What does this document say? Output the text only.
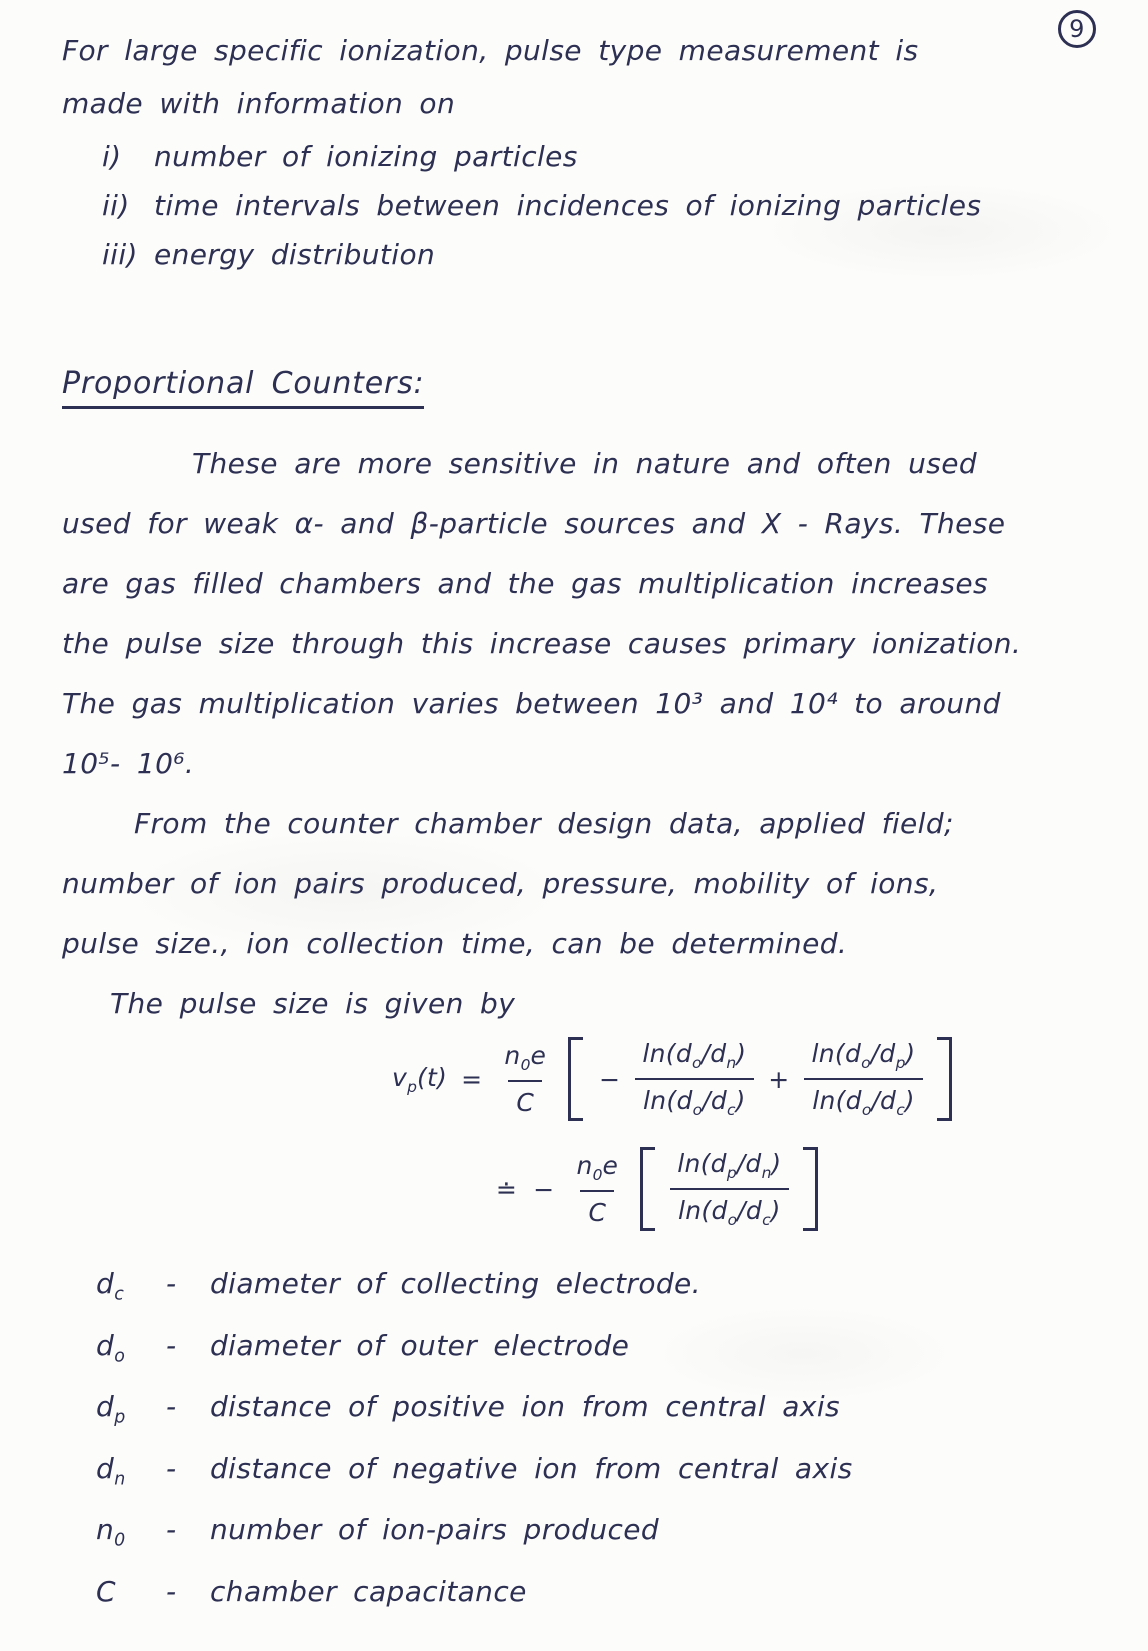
9

For large specific ionization, pulse type measurement is

made with information on

i)	number of ionizing particles
ii) time intervals between incidences of ionizing particles
iii) energy distribution

Proportional Counters:

These are more sensitive in nature and often used

used for weak α- and β-particle sources and X - Rays. These

are gas filled chambers and the gas multiplication increases

the pulse size through this increase causes primary ionization.

The gas multiplication varies between 10³ and 10⁴ to around

10⁵- 10⁶.

From the counter chamber design data, applied field;

number of ion pairs produced, pressure, mobility of ions,

pulse size., ion collection time, can be determined.

The pulse size is given by

$v_p(t) = \frac{n_0e}{C} - \frac{\ln(d_o/d_n)}{\ln(d_o/d_c)} + \frac{\ln(d_o/d_p)}{\ln(d_o/d_c)}$
≐ − $\frac{n_0e}{C} \frac{\ln(d_p/d_n)}{\ln(d_o/d_c)}$
$d_c$	-	diameter of collecting electrode.
$d_o$	-	diameter of outer electrode
$d_p$	-	distance of positive ion from central axis
$d_n$	-	distance of negative ion from central axis
$n_0$	-	number of ion-pairs produced
C	-	chamber capacitance
